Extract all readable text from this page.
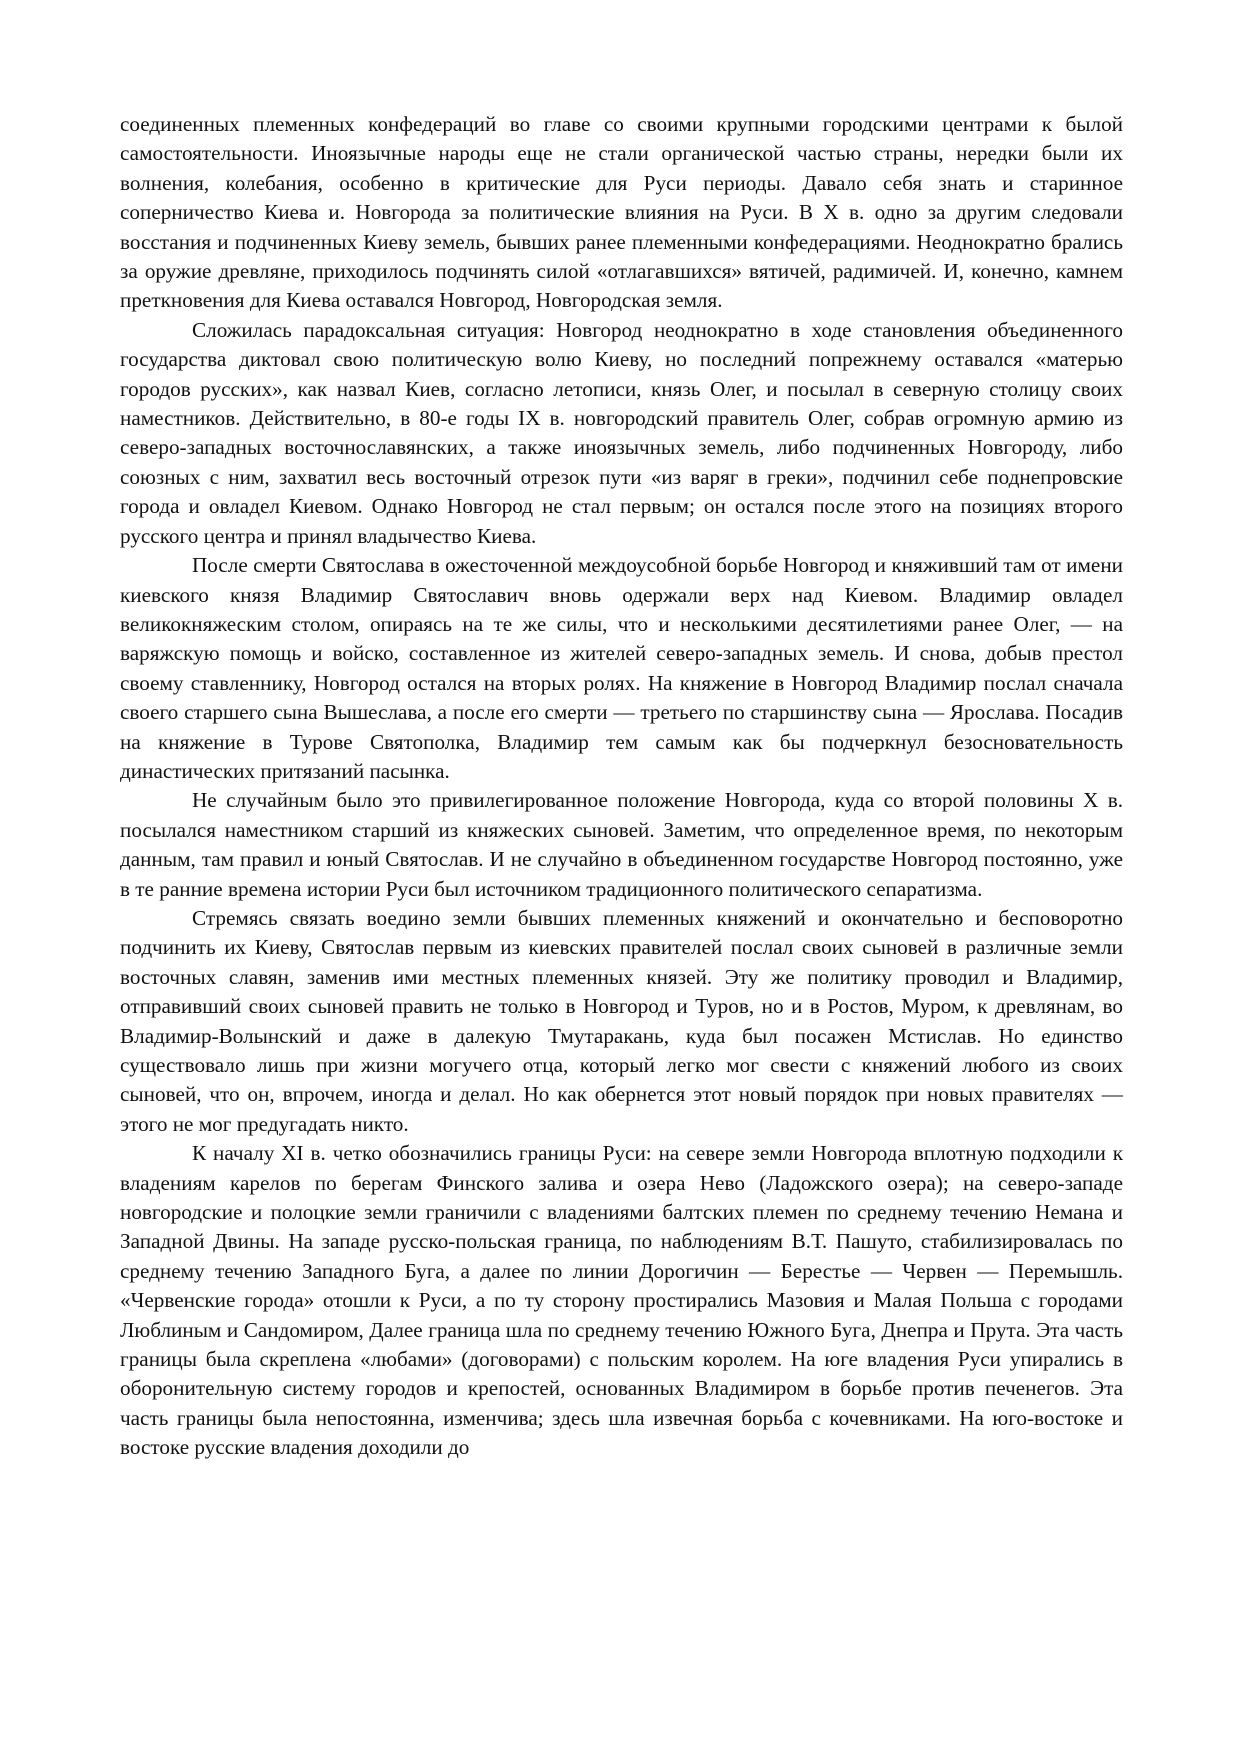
соединенных племенных конфедераций во главе со своими крупными городскими центрами к былой самостоятельности. Иноязычные народы еще не стали органической частью страны, нередки были их волнения, колебания, особенно в критические для Руси периоды. Давало себя знать и старинное соперничество Киева и. Новгорода за политические влияния на Руси. В X в. одно за другим следовали восстания и подчиненных Киеву земель, бывших ранее племенными конфедерациями. Неоднократно брались за оружие древляне, приходилось подчинять силой «отлагавшихся» вятичей, радимичей. И, конечно, камнем преткновения для Киева оставался Новгород, Новгородская земля.

Сложилась парадоксальная ситуация: Новгород неоднократно в ходе становления объединенного государства диктовал свою политическую волю Киеву, но последний попрежнему оставался «матерью городов русских», как назвал Киев, согласно летописи, князь Олег, и посылал в северную столицу своих наместников. Действительно, в 80-е годы IX в. новгородский правитель Олег, собрав огромную армию из северо-западных восточнославянских, а также иноязычных земель, либо подчиненных Новгороду, либо союзных с ним, захватил весь восточный отрезок пути «из варяг в греки», подчинил себе поднепровские города и овладел Киевом. Однако Новгород не стал первым; он остался после этого на позициях второго русского центра и принял владычество Киева.

После смерти Святослава в ожесточенной междоусобной борьбе Новгород и княживший там от имени киевского князя Владимир Святославич вновь одержали верх над Киевом. Владимир овладел великокняжеским столом, опираясь на те же силы, что и несколькими десятилетиями ранее Олег, — на варяжскую помощь и войско, составленное из жителей северо-западных земель. И снова, добыв престол своему ставленнику, Новгород остался на вторых ролях. На княжение в Новгород Владимир послал сначала своего старшего сына Вышеслава, а после его смерти — третьего по старшинству сына — Ярослава. Посадив на княжение в Турове Святополка, Владимир тем самым как бы подчеркнул безосновательность династических притязаний пасынка.

Не случайным было это привилегированное положение Новгорода, куда со второй половины X в. посылался наместником старший из княжеских сыновей. Заметим, что определенное время, по некоторым данным, там правил и юный Святослав. И не случайно в объединенном государстве Новгород постоянно, уже в те ранние времена истории Руси был источником традиционного политического сепаратизма.

Стремясь связать воедино земли бывших племенных княжений и окончательно и бесповоротно подчинить их Киеву, Святослав первым из киевских правителей послал своих сыновей в различные земли восточных славян, заменив ими местных племенных князей. Эту же политику проводил и Владимир, отправивший своих сыновей править не только в Новгород и Туров, но и в Ростов, Муром, к древлянам, во Владимир-Волынский и даже в далекую Тмутаракань, куда был посажен Мстислав. Но единство существовало лишь при жизни могучего отца, который легко мог свести с княжений любого из своих сыновей, что он, впрочем, иногда и делал. Но как обернется этот новый порядок при новых правителях — этого не мог предугадать никто.

К началу XI в. четко обозначились границы Руси: на севере земли Новгорода вплотную подходили к владениям карелов по берегам Финского залива и озера Нево (Ладожского озера); на северо-западе новгородские и полоцкие земли граничили с владениями балтских племен по среднему течению Немана и Западной Двины. На западе русско-польская граница, по наблюдениям В.Т. Пашуто, стабилизировалась по среднему течению Западного Буга, а далее по линии Дорогичин — Берестье — Червен — Перемышль. «Червенские города» отошли к Руси, а по ту сторону простирались Мазовия и Малая Польша с городами Люблиным и Сандомиром, Далее граница шла по среднему течению Южного Буга, Днепра и Прута. Эта часть границы была скреплена «любами» (договорами) с польским королем. На юге владения Руси упирались в оборонительную систему городов и крепостей, основанных Владимиром в борьбе против печенегов. Эта часть границы была непостоянна, изменчива; здесь шла извечная борьба с кочевниками. На юго-востоке и востоке русские владения доходили до
